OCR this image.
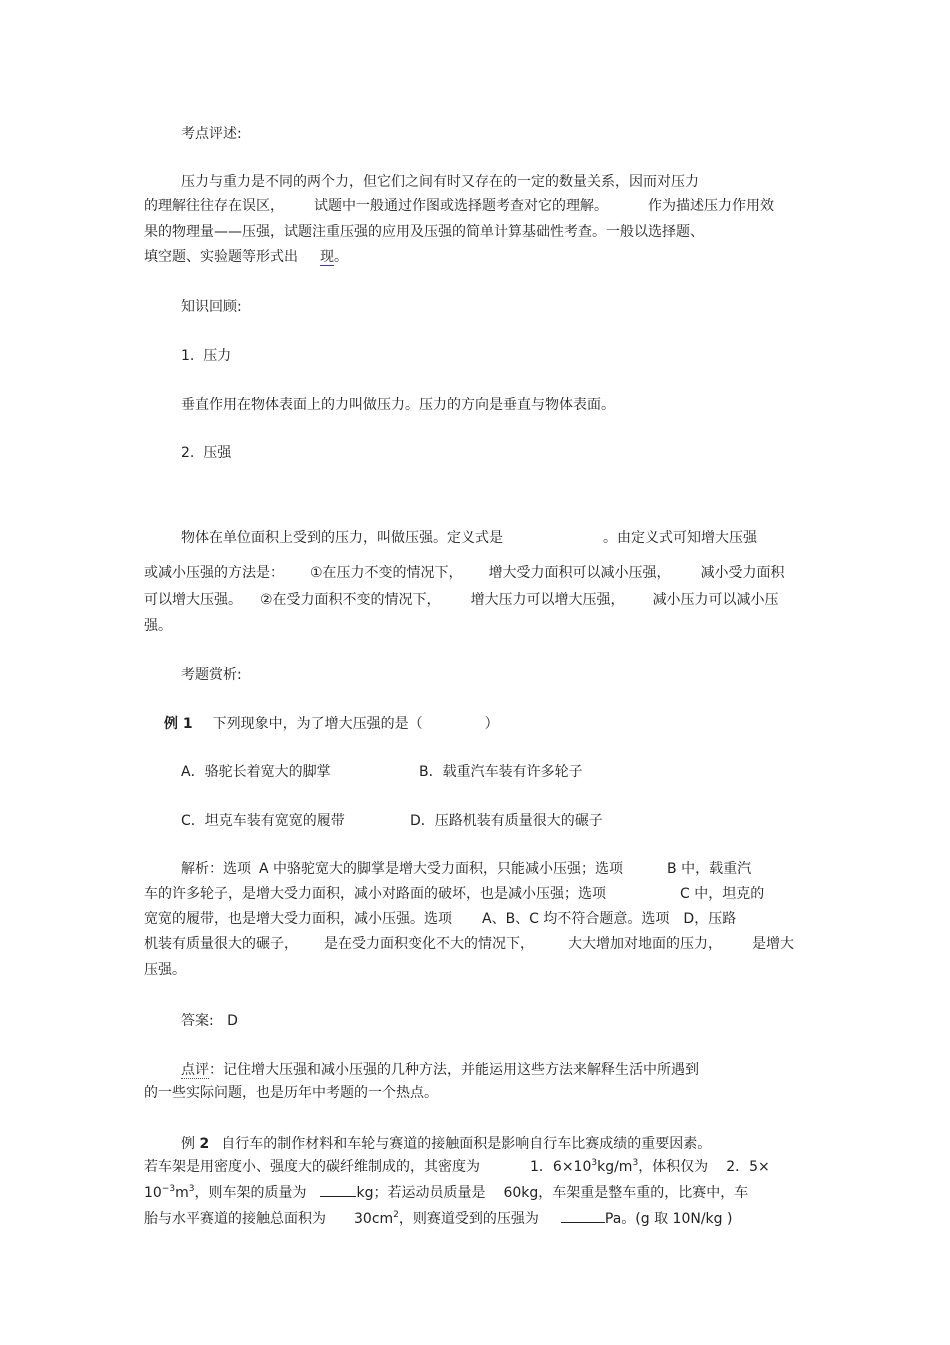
考点评述:
压力与重力是不同的两个力，但它们之间有时又存在的一定的数量关系，因而对压力
的理解往往存在误区， 试题中一般通过作图或选择题考查对它的理解。	作为描述压力作用效
果的物理量——压强，试题注重压强的应用及压强的简单计算基础性考查。一般以选择题、
填空题、实验题等形式出 现。
知识回顾:
1.  压力
垂直作用在物体表面上的力叫做压力。压力的方向是垂直与物体表面。
2.  压强
物体在单位面积上受到的压力，叫做压强。定义式是	。由定义式可知增大压强
或减小压强的方法是： ①在压力不变的情况下， 增大受力面积可以减小压强， 减小受力面积
可以增大压强。 ②在受力面积不变的情况下， 增大压力可以增大压强， 减小压力可以减小压
强。
考题赏析:
例 1 下列现象中，为了增大压强的是（	）
A．骆驼长着宽大的脚掌	B．载重汽车装有许多轮子
C．坦克车装有宽宽的履带	D．压路机装有质量很大的碾子
解析：选项 A 中骆驼宽大的脚掌是增大受力面积，只能减小压强；选项	B 中，载重汽
车的许多轮子，是增大受力面积，减小对路面的破坏，也是减小压强；选项	C 中，坦克的
宽宽的履带，也是增大受力面积，减小压强。选项 A、B、C 均不符合题意。选项 D，压路
机装有质量很大的碾子， 是在受力面积变化不大的情况下， 大大增加对地面的压力， 是增大
压强。
答案:   D
点评：记住增大压强和减小压强的几种方法，并能运用这些方法来解释生活中所遇到
的一些实际问题，也是历年中考题的一个热点。
例 2 自行车的制作材料和车轮与赛道的接触面积是影响自行车比赛成绩的重要因素。
若车架是用密度小、强度大的碳纤维制成的，其密度为	1．$6\times 10^3kg/m^3$，体积仅为 2．5×
$10^{-3}m^3$，则车架的质量为	kg；若运动员质量是 60kg，车架重是整车重的，比赛中，车
胎与水平赛道的接触总面积为 $30cm^2$，则赛道受到的压强为	Pa。(g 取 10N/kg )
